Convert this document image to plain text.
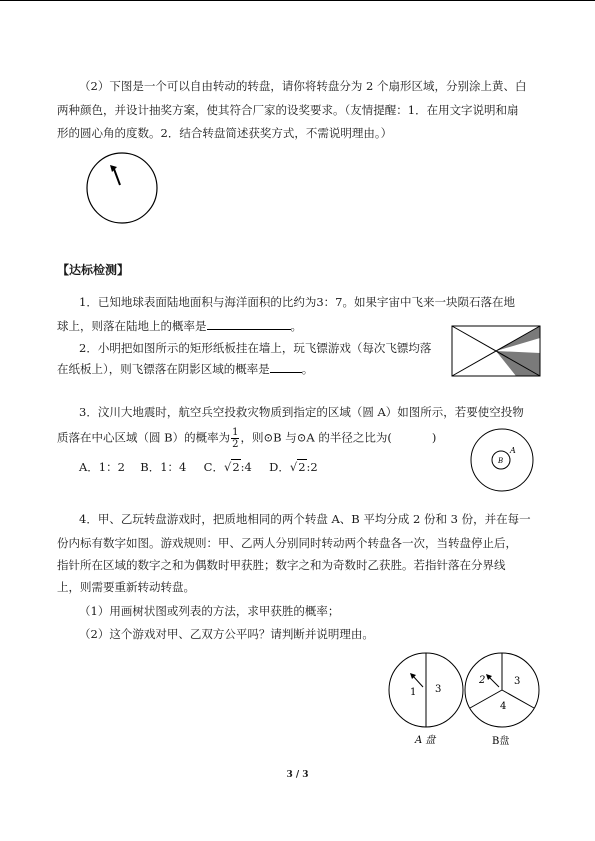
（2）下图是一个可以自由转动的转盘，请你将转盘分为 2 个扇形区域，分别涂上黄、白
两种颜色，并设计抽奖方案，使其符合厂家的设奖要求。（友情提醒：1．在用文字说明和扇
形的圆心角的度数。2．结合转盘简述获奖方式，不需说明理由。）
【达标检测】
1．已知地球表面陆地面积与海洋面积的比约为3：7。如果宇宙中飞来一块陨石落在地
球上，则落在陆地上的概率是	。
2．小明把如图所示的矩形纸板挂在墙上，玩飞镖游戏（每次飞镖均落
在纸板上），则飞镖落在阴影区域的概率是	。
3．汶川大地震时，航空兵空投救灾物质到指定的区域（圆 A）如图所示，若要使空投物
质落在中心区域（圆 B）的概率为 $\frac{1}{2}$ ，则⊙B 与⊙A 的半径之比为(	)
A．1：2 B．1：4 C．√2:4 D．√2:2
A
B
4．甲、乙玩转盘游戏时，把质地相同的两个转盘 A、B 平均分成 2 份和 3 份，并在每一
份内标有数字如图。游戏规则：甲、乙两人分别同时转动两个转盘各一次，当转盘停止后，
指针所在区域的数字之和为偶数时甲获胜；数字之和为奇数时乙获胜。若指针落在分界线
上，则需要重新转动转盘。
（1）用画树状图或列表的方法，求甲获胜的概率；
（2）这个游戏对甲、乙双方公平吗？请判断并说明理由。
1 3
A 盘
2	3
4
B盘
3 / 3
